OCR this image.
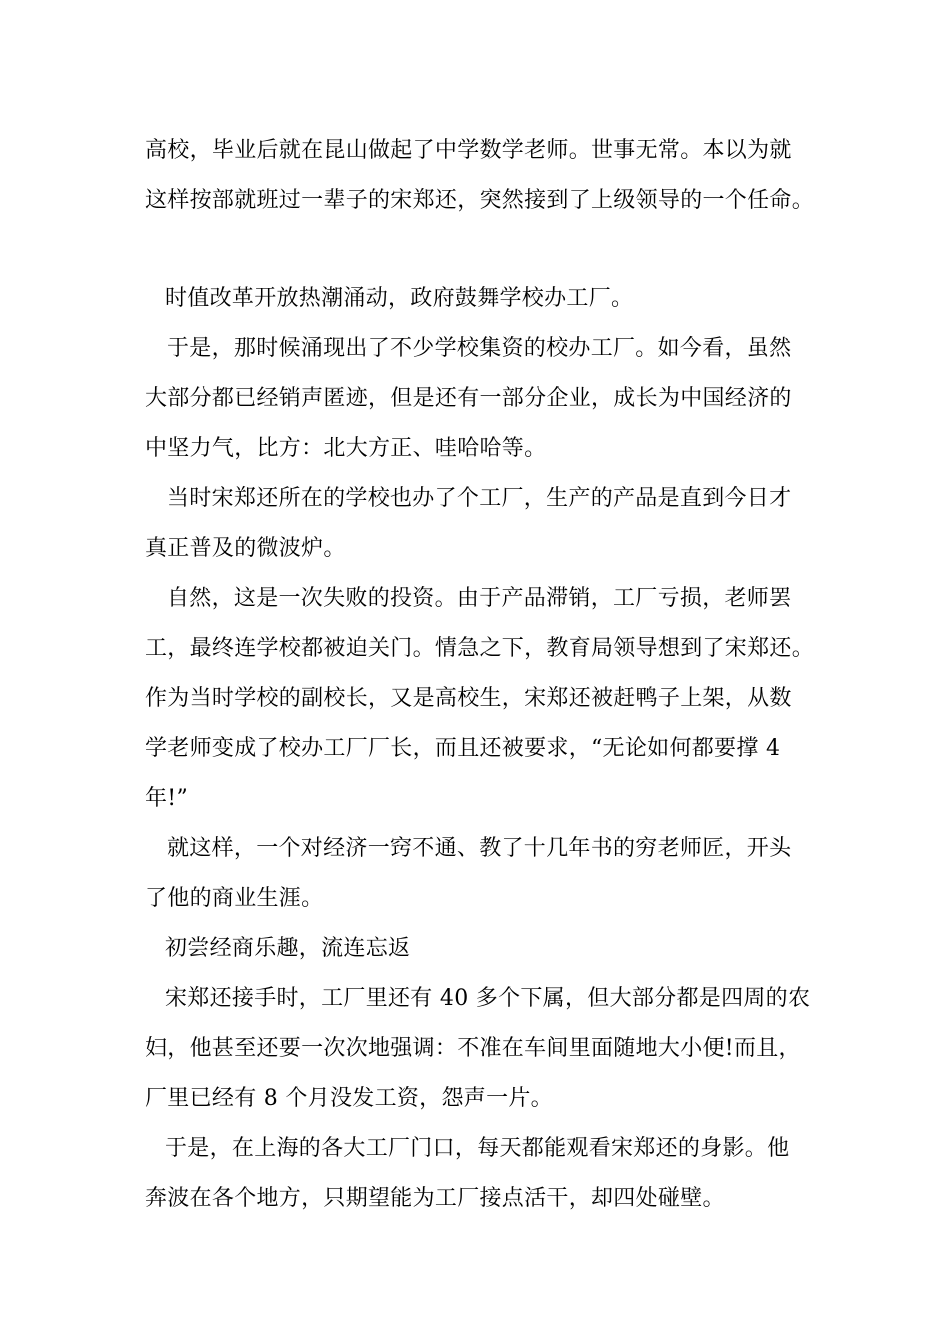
高校，毕业后就在昆山做起了中学数学老师。世事无常。本以为就
这样按部就班过一辈子的宋郑还，突然接到了上级领导的一个任命。
时值改革开放热潮涌动，政府鼓舞学校办工厂。
于是，那时候涌现出了不少学校集资的校办工厂。如今看，虽然
大部分都已经销声匿迹，但是还有一部分企业，成长为中国经济的
中坚力气，比方：北大方正、哇哈哈等。
当时宋郑还所在的学校也办了个工厂，生产的产品是直到今日才
真正普及的微波炉。
自然，这是一次失败的投资。由于产品滞销，工厂亏损，老师罢
工，最终连学校都被迫关门。情急之下，教育局领导想到了宋郑还。
作为当时学校的副校长，又是高校生，宋郑还被赶鸭子上架，从数
学老师变成了校办工厂厂长，而且还被要求，“无论如何都要撑 4
年!”
就这样，一个对经济一窍不通、教了十几年书的穷老师匠，开头
了他的商业生涯。
初尝经商乐趣，流连忘返
宋郑还接手时，工厂里还有 40 多个下属，但大部分都是四周的农
妇，他甚至还要一次次地强调：不准在车间里面随地大小便!而且，
厂里已经有 8 个月没发工资，怨声一片。
于是，在上海的各大工厂门口，每天都能观看宋郑还的身影。他
奔波在各个地方，只期望能为工厂接点活干，却四处碰壁。
